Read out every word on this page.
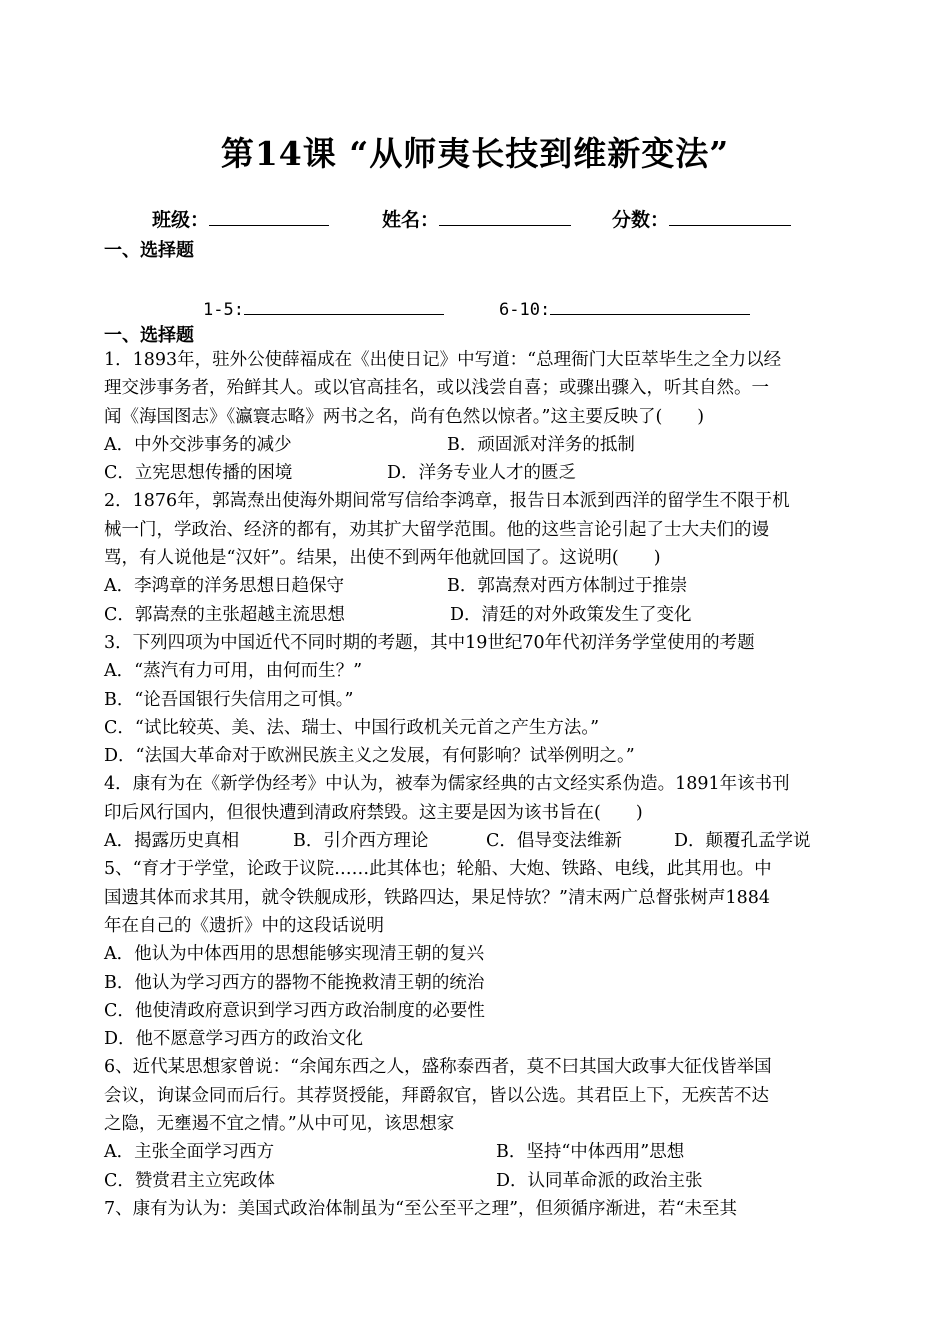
第14课 “从师夷长技到维新变法”
班级：	姓名：	分数：
一、选择题
1-5:	6-10:
一、选择题
1．1893年，驻外公使薛福成在《出使日记》中写道：“总理衙门大臣萃毕生之全力以经
理交涉事务者，殆鲜其人。或以官高挂名，或以浅尝自喜；或骤出骤入，听其自然。一
闻《海国图志》《瀛寰志略》两书之名，尚有色然以惊者。”这主要反映了(　　)
A．中外交涉事务的减少	B．顽固派对洋务的抵制
C．立宪思想传播的困境	D．洋务专业人才的匮乏
2．1876年，郭嵩焘出使海外期间常写信给李鸿章，报告日本派到西洋的留学生不限于机
械一门，学政治、经济的都有，劝其扩大留学范围。他的这些言论引起了士大夫们的谩
骂，有人说他是“汉奸”。结果，出使不到两年他就回国了。这说明(　　)
A．李鸿章的洋务思想日趋保守	B．郭嵩焘对西方体制过于推崇
C．郭嵩焘的主张超越主流思想	D．清廷的对外政策发生了变化
3．下列四项为中国近代不同时期的考题，其中19世纪70年代初洋务学堂使用的考题
A．“蒸汽有力可用，由何而生？”
B．“论吾国银行失信用之可惧。”
C．“试比较英、美、法、瑞士、中国行政机关元首之产生方法。”
D．“法国大革命对于欧洲民族主义之发展，有何影响？试举例明之。”
4．康有为在《新学伪经考》中认为，被奉为儒家经典的古文经实系伪造。1891年该书刊
印后风行国内，但很快遭到清政府禁毁。这主要是因为该书旨在(　　)
A．揭露历史真相	B．引介西方理论	C．倡导变法维新	D．颠覆孔孟学说
5、“育才于学堂，论政于议院……此其体也；轮船、大炮、铁路、电线，此其用也。中
国遗其体而求其用，就令铁舰成形，铁路四达，果足恃欤？”清末两广总督张树声1884
年在自己的《遗折》中的这段话说明
A．他认为中体西用的思想能够实现清王朝的复兴
B．他认为学习西方的器物不能挽救清王朝的统治
C．他使清政府意识到学习西方政治制度的必要性
D．他不愿意学习西方的政治文化
6、近代某思想家曾说：“余闻东西之人，盛称泰西者，莫不曰其国大政事大征伐皆举国
会议，询谋佥同而后行。其荐贤授能，拜爵叙官，皆以公选。其君臣上下，无疾苦不达
之隐，无壅遏不宜之情。”从中可见，该思想家
A．主张全面学习西方	B．坚持“中体西用”思想
C．赞赏君主立宪政体	D．认同革命派的政治主张
7、康有为认为：美国式政治体制虽为“至公至平之理”，但须循序渐进，若“未至其
